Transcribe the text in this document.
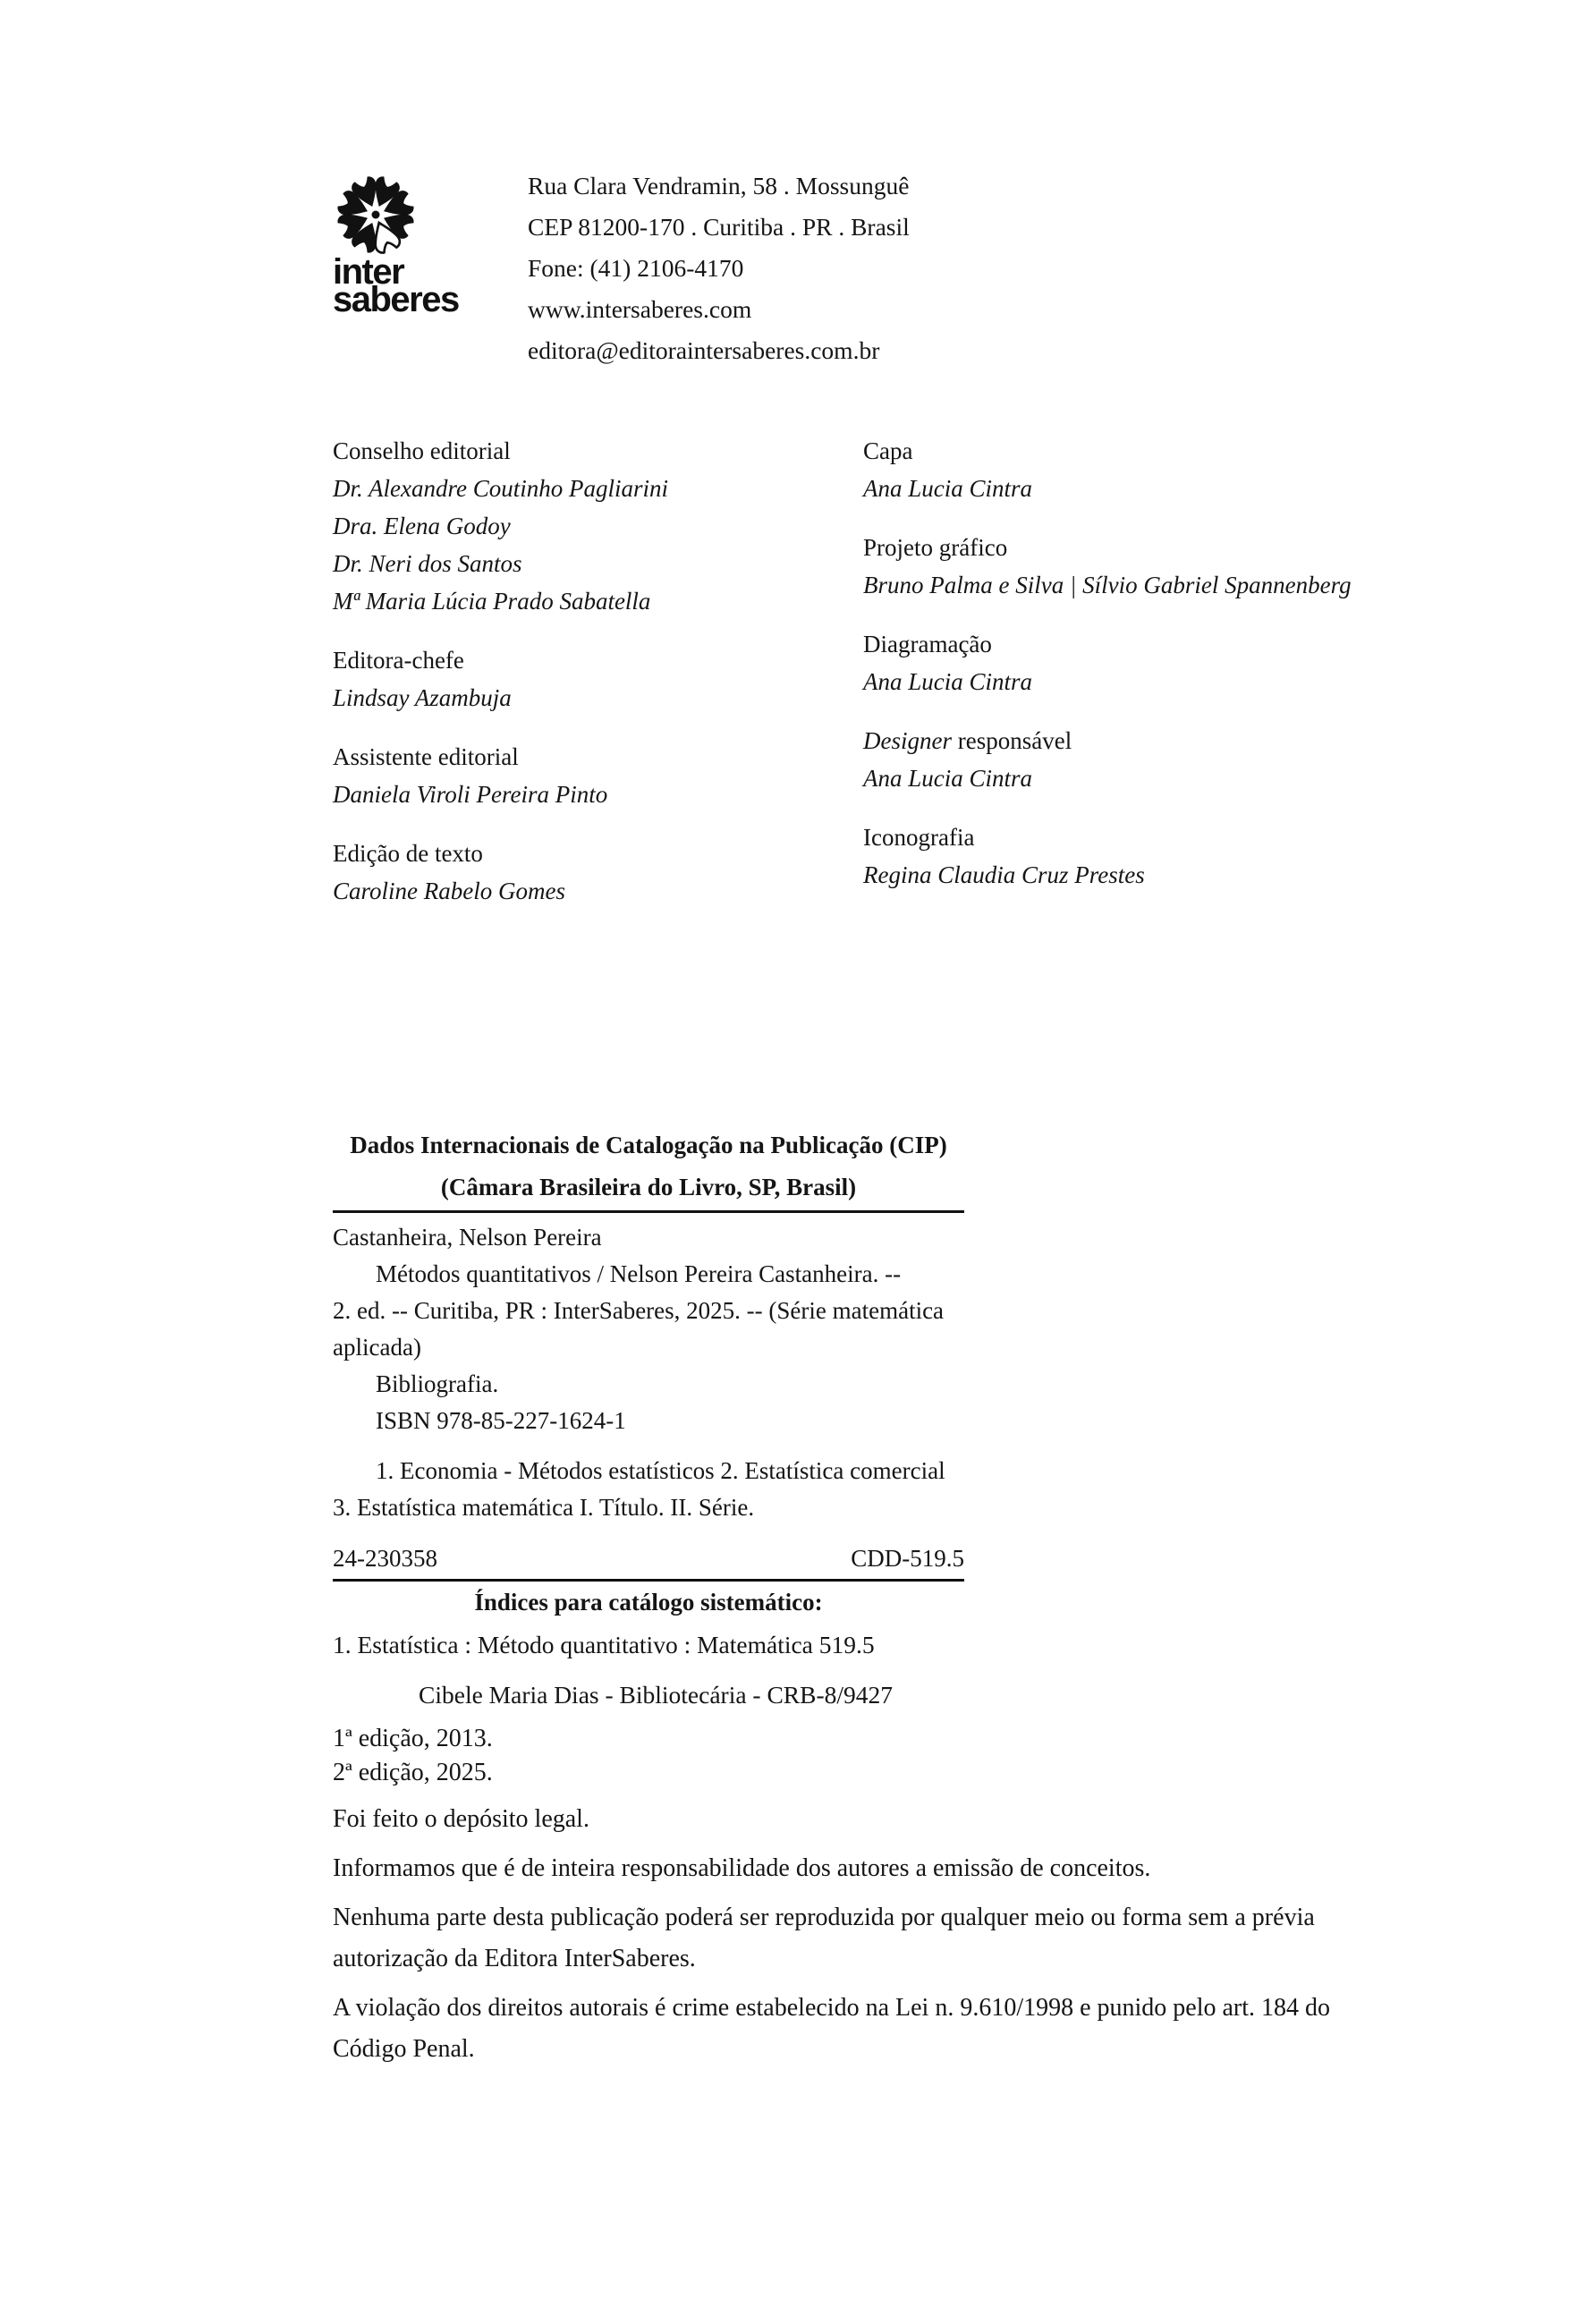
inter
saberes
Rua Clara Vendramin, 58 . Mossunguê
CEP 81200-170 . Curitiba . PR . Brasil
Fone: (41) 2106-4170
www.intersaberes.com
editora@editoraintersaberes.com.br
Conselho editorial
Dr. Alexandre Coutinho Pagliarini
Dra. Elena Godoy
Dr. Neri dos Santos
Mª Maria Lúcia Prado Sabatella
Editora-chefe
Lindsay Azambuja
Assistente editorial
Daniela Viroli Pereira Pinto
Edição de texto
Caroline Rabelo Gomes
Capa
Ana Lucia Cintra
Projeto gráfico
Bruno Palma e Silva | Sílvio Gabriel Spannenberg
Diagramação
Ana Lucia Cintra
Designer responsável
Ana Lucia Cintra
Iconografia
Regina Claudia Cruz Prestes
Dados Internacionais de Catalogação na Publicação (CIP)
(Câmara Brasileira do Livro, SP, Brasil)
Castanheira, Nelson Pereira
Métodos quantitativos / Nelson Pereira Castanheira. --
2. ed. -- Curitiba, PR : InterSaberes, 2025. -- (Série matemática
aplicada)
Bibliografia.
ISBN 978-85-227-1624-1
1. Economia - Métodos estatísticos 2. Estatística comercial
3. Estatística matemática I. Título. II. Série.
24-230358	CDD-519.5
Índices para catálogo sistemático:
1. Estatística : Método quantitativo : Matemática 519.5
Cibele Maria Dias - Bibliotecária - CRB-8/9427

1ª edição, 2013.

2ª edição, 2025.

Foi feito o depósito legal.

Informamos que é de inteira responsabilidade dos autores a emissão de conceitos.

Nenhuma parte desta publicação poderá ser reproduzida por qualquer meio ou forma sem a prévia autorização da Editora InterSaberes.

A violação dos direitos autorais é crime estabelecido na Lei n. 9.610/1998 e punido pelo art. 184 do Código Penal.
